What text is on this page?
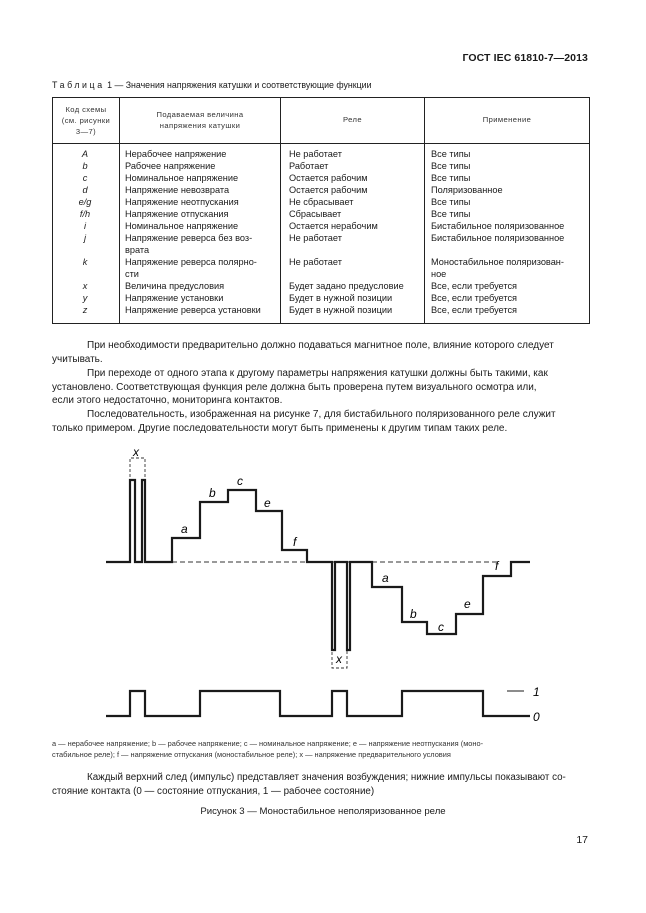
ГОСТ IEC 61810-7—2013
Таблица 1 — Значения напряжения катушки и соответствующие функции
Код схемы
(см. рисунки
3—7)
Подаваемая величина
напряжения катушки
Реле	Применение
A
b
c
d
e/g
f/h
i
j
k
x
y
z
Нерабочее напряжение
Рабочее напряжение
Номинальное напряжение
Напряжение невозврата
Напряжение неотпускания
Напряжение отпускания
Номинальное напряжение
Напряжение реверса без воз-
врата
Напряжение реверса полярно-
сти
Величина предусловия
Напряжение установки
Напряжение реверса установки
Не работает
Работает
Остается рабочим
Остается рабочим
Не сбрасывает
Сбрасывает
Остается нерабочим
Не работает
Не работает
Будет задано предусловие
Будет в нужной позиции
Будет в нужной позиции
Все типы
Все типы
Все типы
Поляризованное
Все типы
Все типы
Бистабильное поляризованное
Бистабильное поляризованное
Моностабильное поляризован-
ное
Все, если требуется
Все, если требуется
Все, если требуется
При необходимости предварительно должно подаваться магнитное поле, влияние которого следует
учитывать.
При переходе от одного этапа к другому параметры напряжения катушки должны быть такими, как
установлено. Соответствующая функция реле должна быть проверена путем визуального осмотра или,
если этого недостаточно, мониторинга контактов.
Последовательность, изображенная на рисунке 7, для бистабильного поляризованного реле служит
только примером. Другие последовательности могут быть применены к другим типам таких реле.
1
0
x
a
b
c
e
f
x
a
b
c
e
f
a — нерабочее напряжение; b — рабочее напряжение; c — номинальное напряжение; e — напряжение неотпускания (моно-
стабильное реле); f — напряжение отпускания (моностабильное реле); x — напряжение предварительного условия
Каждый верхний след (импульс) представляет значения возбуждения; нижние импульсы показывают со-
стояние контакта (0 — состояние отпускания, 1 — рабочее состояние)
Рисунок 3 — Моностабильное неполяризованное реле
17
